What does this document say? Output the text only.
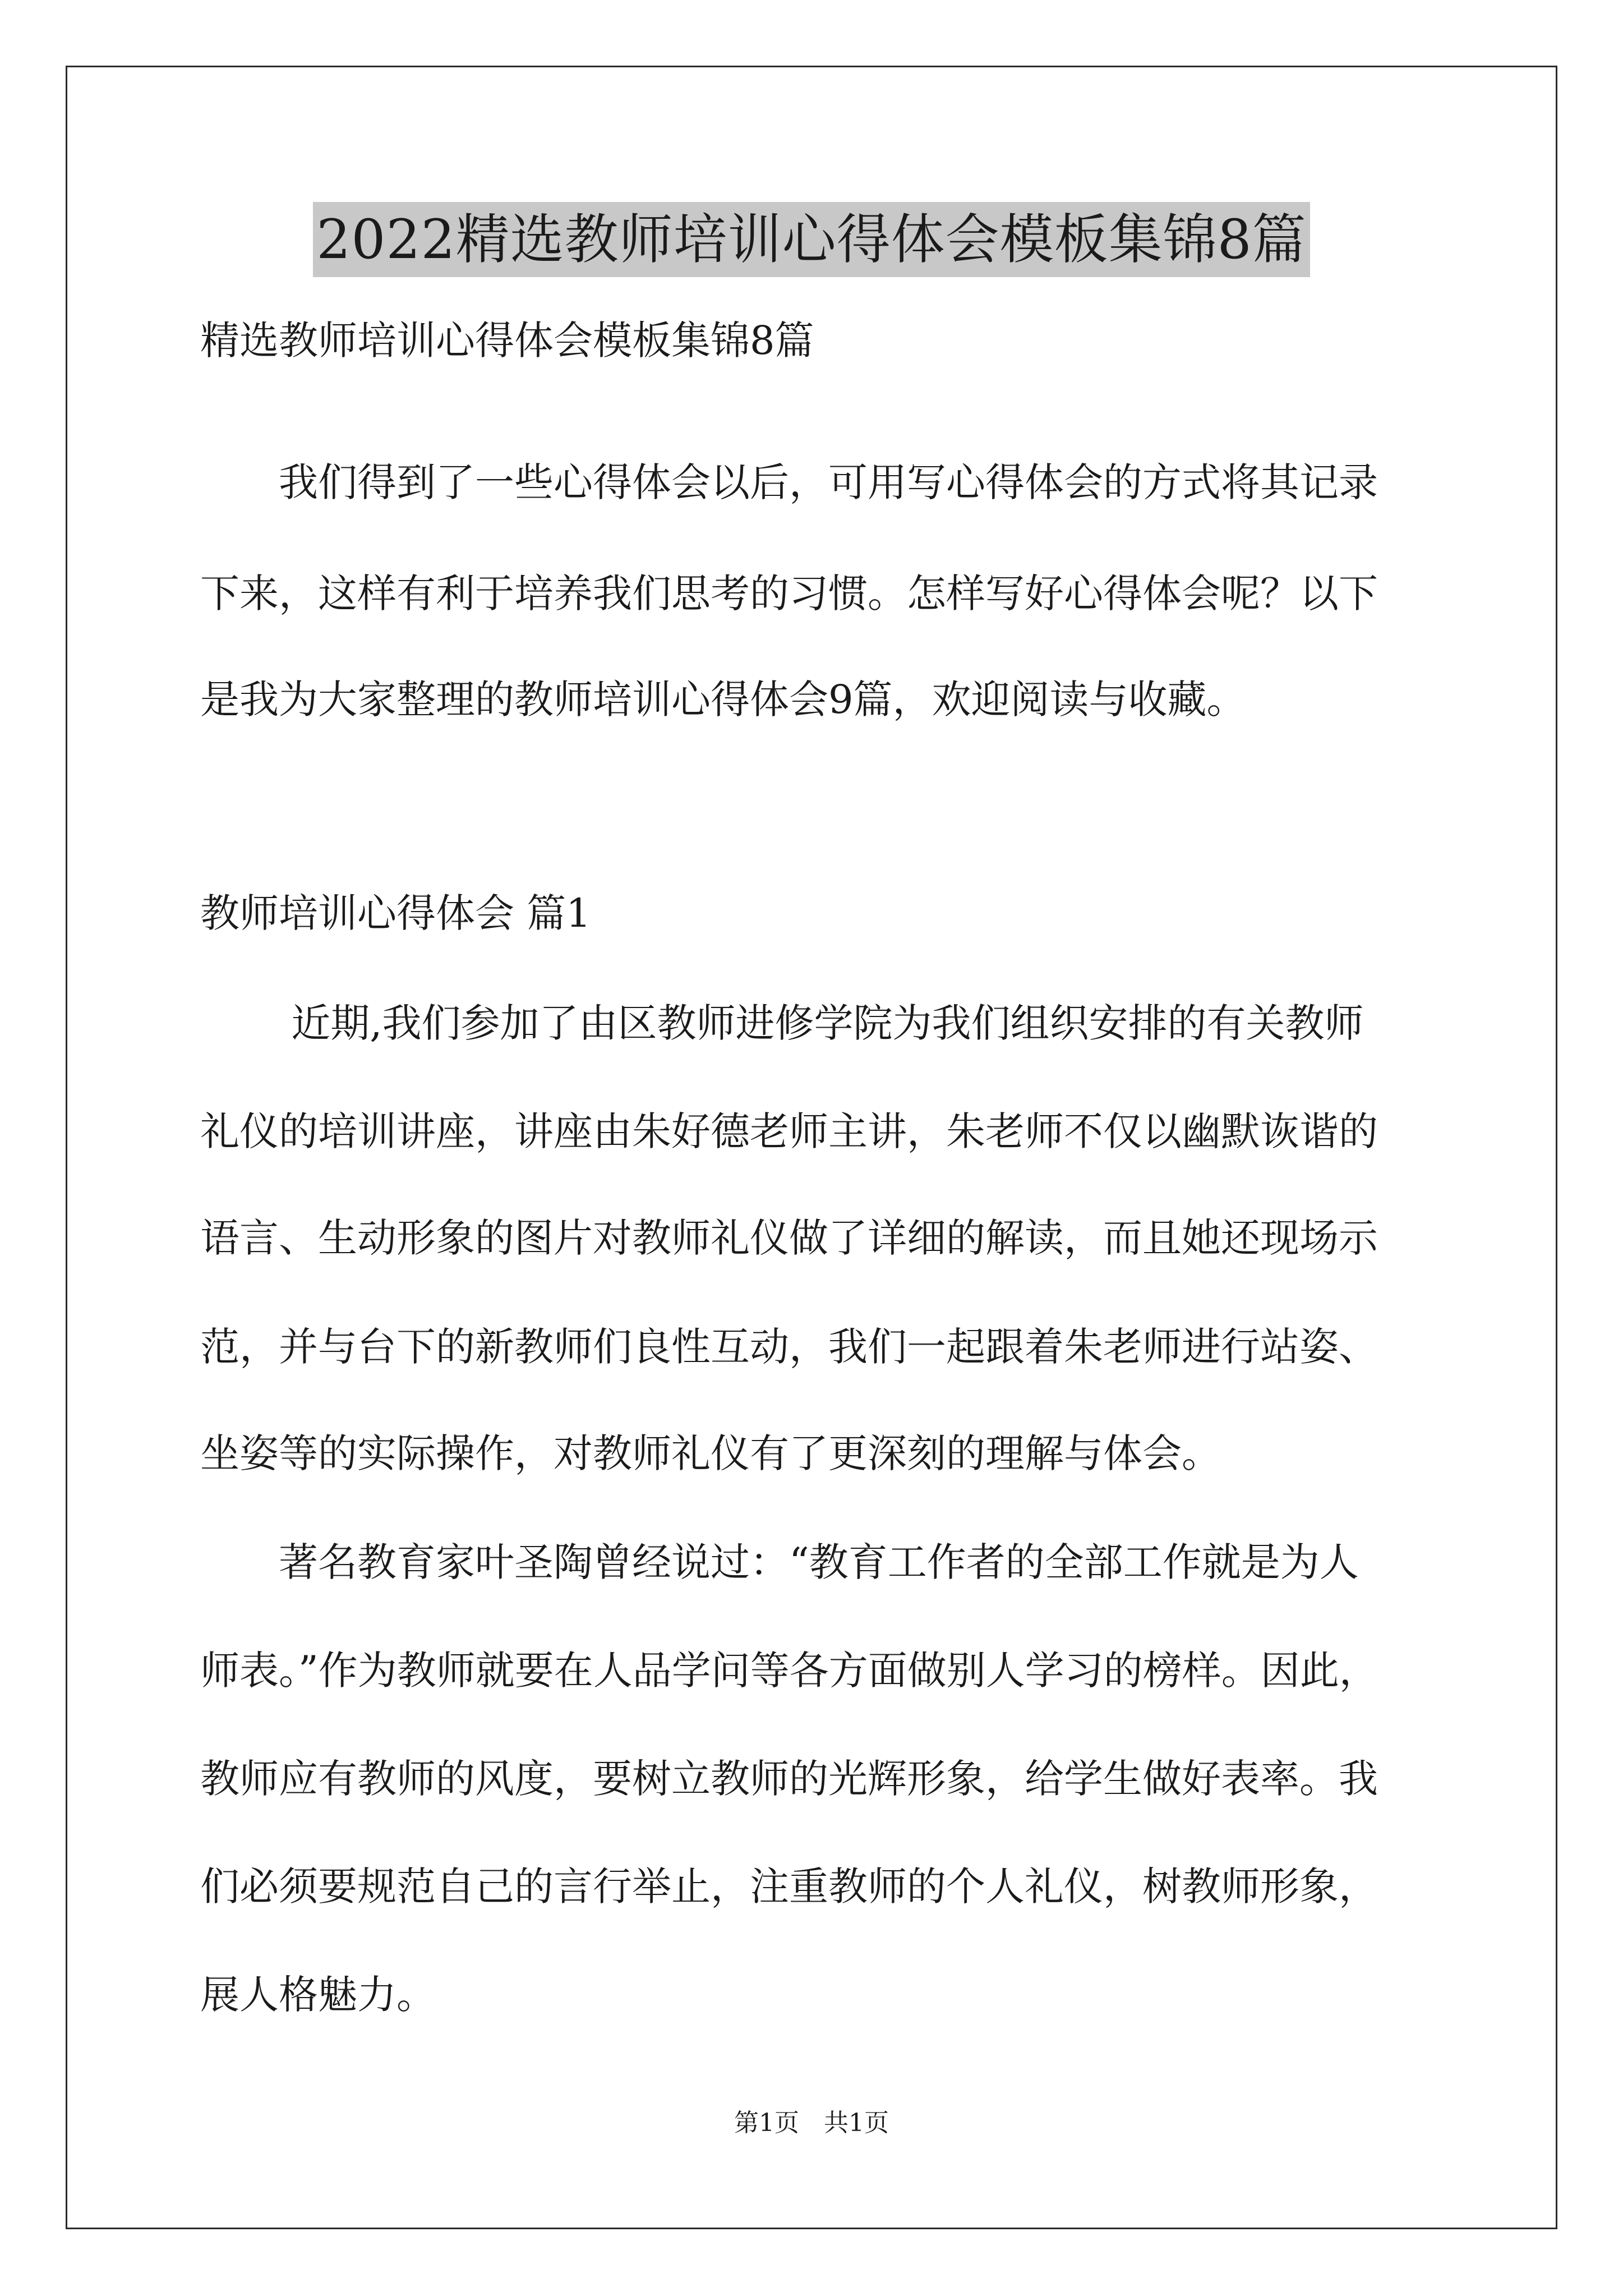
2022精选教师培训心得体会模板集锦8篇
精选教师培训心得体会模板集锦8篇
　　我们得到了一些心得体会以后，可用写心得体会的方式将其记录
下来，这样有利于培养我们思考的习惯。怎样写好心得体会呢？以下
是我为大家整理的教师培训心得体会9篇，欢迎阅读与收藏。
教师培训心得体会 篇1
　　 近期,我们参加了由区教师进修学院为我们组织安排的有关教师
礼仪的培训讲座，讲座由朱好德老师主讲，朱老师不仅以幽默诙谐的
语言、生动形象的图片对教师礼仪做了详细的解读，而且她还现场示
范，并与台下的新教师们良性互动，我们一起跟着朱老师进行站姿、
坐姿等的实际操作，对教师礼仪有了更深刻的理解与体会。
　　著名教育家叶圣陶曾经说过：“教育工作者的全部工作就是为人
师表。”作为教师就要在人品学问等各方面做别人学习的榜样。因此，
教师应有教师的风度，要树立教师的光辉形象，给学生做好表率。我
们必须要规范自己的言行举止，注重教师的个人礼仪，树教师形象，
展人格魅力。
第1页　共1页
